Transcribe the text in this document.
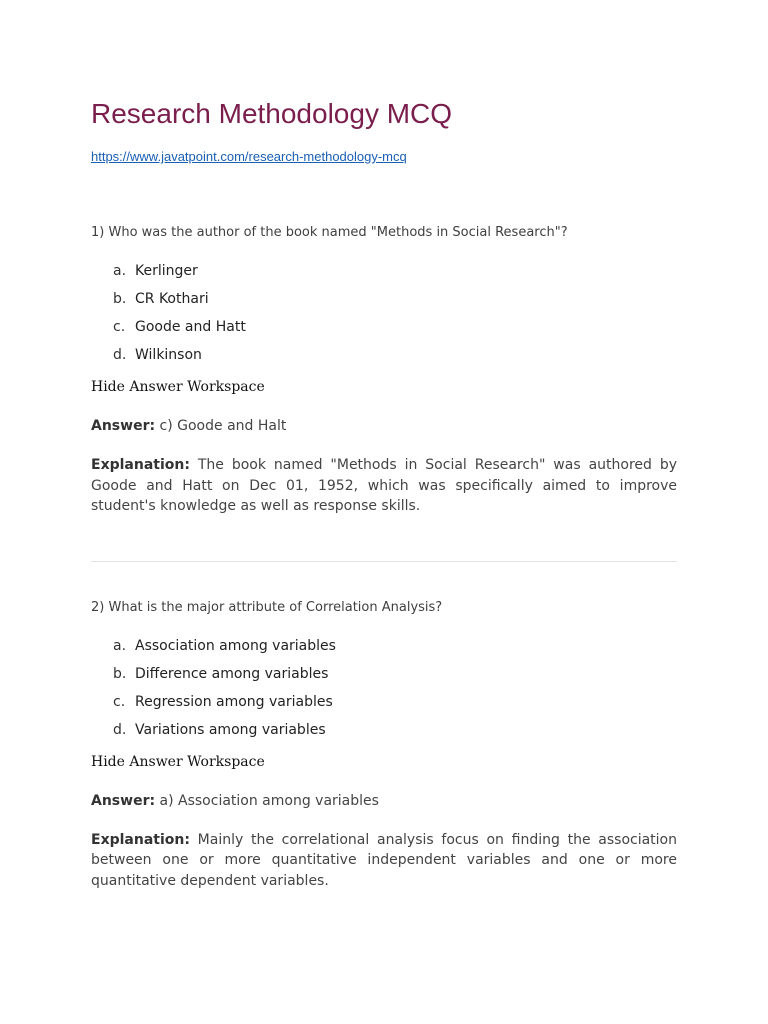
Research Methodology MCQ
https://www.javatpoint.com/research-methodology-mcq

1) Who was the author of the book named "Methods in Social Research"?

a. Kerlinger
b. CR Kothari
c. Goode and Hatt
d. Wilkinson

Hide Answer Workspace

Answer: c) Goode and Halt

Explanation: The book named "Methods in Social Research" was authored by Goode and Hatt on Dec 01, 1952, which was specifically aimed to improve student's knowledge as well as response skills.

2) What is the major attribute of Correlation Analysis?

a. Association among variables
b. Difference among variables
c. Regression among variables
d. Variations among variables

Hide Answer Workspace

Answer: a) Association among variables

Explanation: Mainly the correlational analysis focus on finding the association between one or more quantitative independent variables and one or more quantitative dependent variables.
